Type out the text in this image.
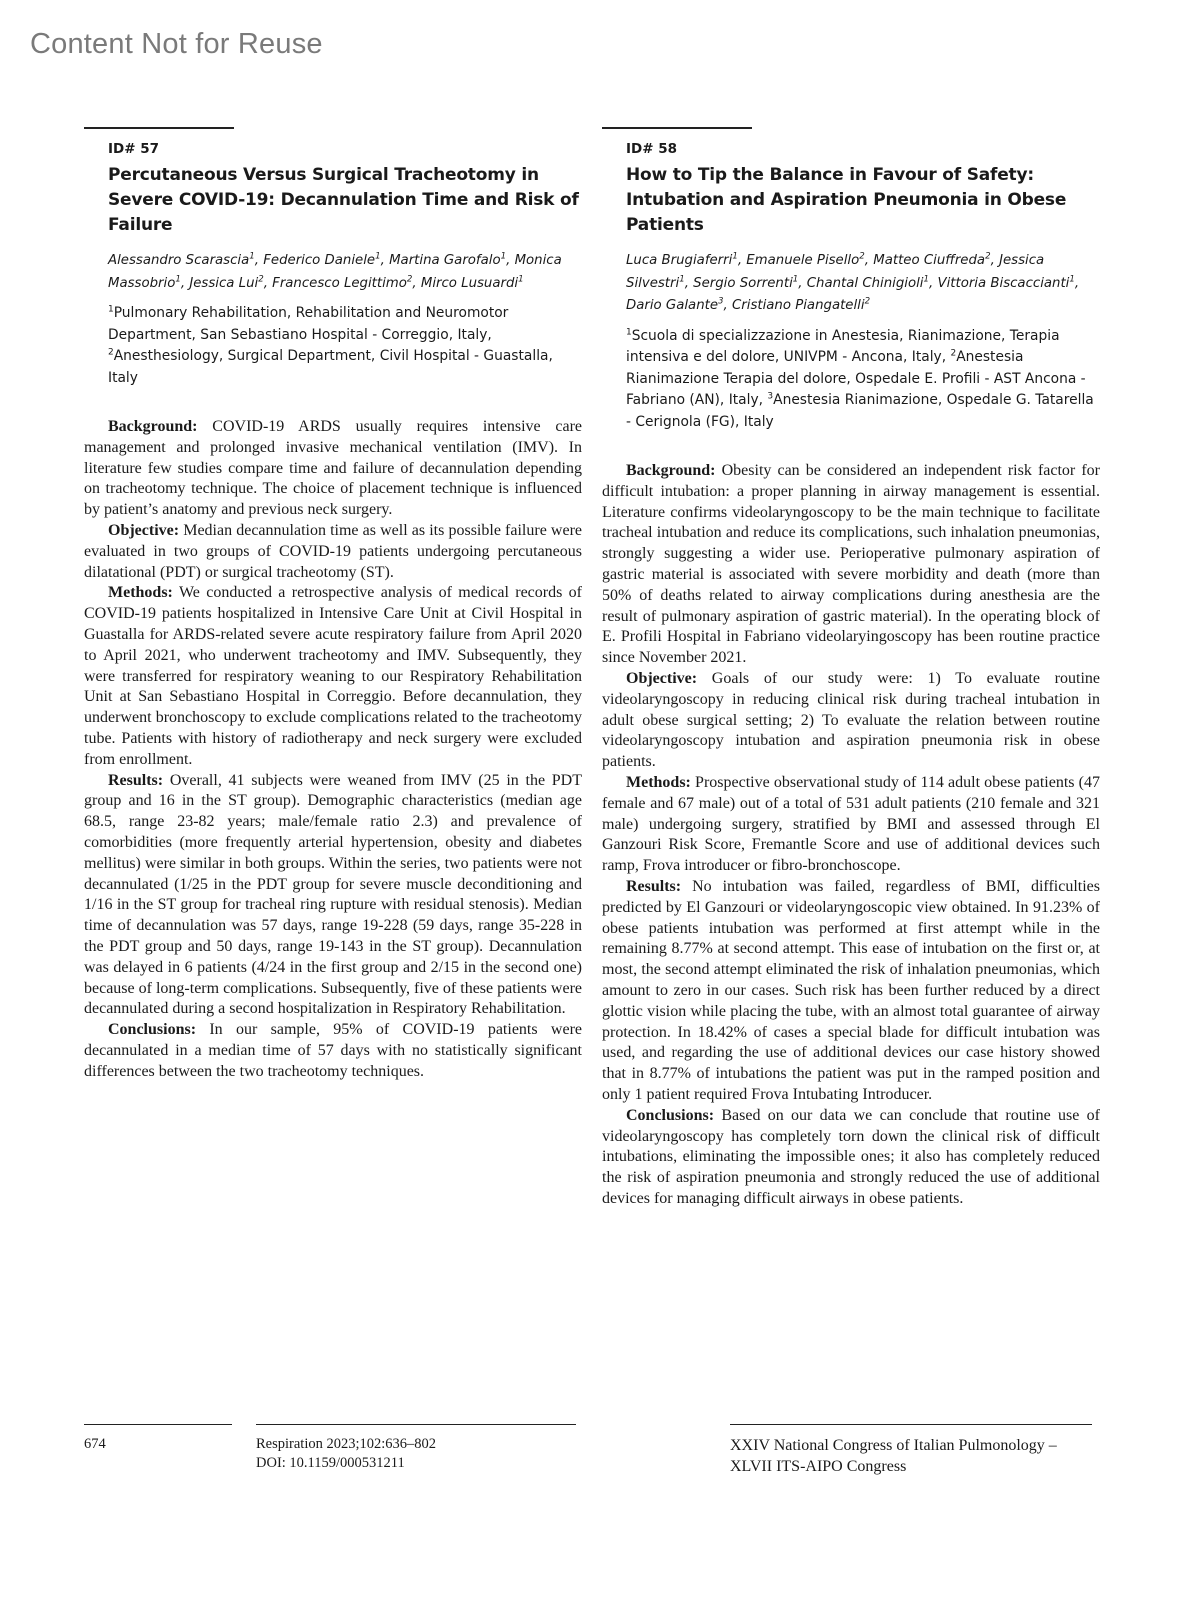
Content Not for Reuse
ID# 57
Percutaneous Versus Surgical Tracheotomy in Severe COVID-19: Decannulation Time and Risk of Failure
Alessandro Scarascia$^1$, Federico Daniele$^1$, Martina Garofalo$^1$, Monica Massobrio$^1$, Jessica Lui$^2$, Francesco Legittimo$^2$, Mirco Lusuardi$^1$
$^1$Pulmonary Rehabilitation, Rehabilitation and Neuromotor Department, San Sebastiano Hospital - Correggio, Italy, $^2$Anesthesiology, Surgical Department, Civil Hospital - Guastalla, Italy

Background: COVID-19 ARDS usually requires intensive care management and prolonged invasive mechanical ventilation (IMV). In literature few studies compare time and failure of decannulation depending on tracheotomy technique. The choice of placement technique is influenced by patient’s anatomy and previous neck surgery.

Objective: Median decannulation time as well as its possible failure were evaluated in two groups of COVID-19 patients undergoing percutaneous dilatational (PDT) or surgical tracheotomy (ST).

Methods: We conducted a retrospective analysis of medical records of COVID-19 patients hospitalized in Intensive Care Unit at Civil Hospital in Guastalla for ARDS-related severe acute respiratory failure from April 2020 to April 2021, who underwent tracheotomy and IMV. Subsequently, they were transferred for respiratory weaning to our Respiratory Rehabilitation Unit at San Sebastiano Hospital in Correggio. Before decannulation, they underwent bronchoscopy to exclude complications related to the tracheotomy tube. Patients with history of radiotherapy and neck surgery were excluded from enrollment.

Results: Overall, 41 subjects were weaned from IMV (25 in the PDT group and 16 in the ST group). Demographic characteristics (median age 68.5, range 23-82 years; male/female ratio 2.3) and prevalence of comorbidities (more frequently arterial hypertension, obesity and diabetes mellitus) were similar in both groups. Within the series, two patients were not decannulated (1/25 in the PDT group for severe muscle deconditioning and 1/16 in the ST group for tracheal ring rupture with residual stenosis). Median time of decannulation was 57 days, range 19-228 (59 days, range 35-228 in the PDT group and 50 days, range 19-143 in the ST group). Decannulation was delayed in 6 patients (4/24 in the first group and 2/15 in the second one) because of long-term complications. Subsequently, five of these patients were decannulated during a second hospitalization in Respiratory Rehabilitation.

Conclusions: In our sample, 95% of COVID-19 patients were decannulated in a median time of 57 days with no statistically significant differences between the two tracheotomy techniques.

ID# 58
How to Tip the Balance in Favour of Safety: Intubation and Aspiration Pneumonia in Obese Patients
Luca Brugiaferri$^1$, Emanuele Pisello$^2$, Matteo Ciuffreda$^2$, Jessica Silvestri$^1$, Sergio Sorrenti$^1$, Chantal Chinigioli$^1$, Vittoria Biscaccianti$^1$, Dario Galante$^3$, Cristiano Piangatelli$^2$
$^1$Scuola di specializzazione in Anestesia, Rianimazione, Terapia intensiva e del dolore, UNIVPM - Ancona, Italy, $^2$Anestesia Rianimazione Terapia del dolore, Ospedale E. Profili - AST Ancona - Fabriano (AN), Italy, $^3$Anestesia Rianimazione, Ospedale G. Tatarella - Cerignola (FG), Italy

Background: Obesity can be considered an independent risk factor for difficult intubation: a proper planning in airway management is essential. Literature confirms videolaryngoscopy to be the main technique to facilitate tracheal intubation and reduce its complications, such inhalation pneumonias, strongly suggesting a wider use. Perioperative pulmonary aspiration of gastric material is associated with severe morbidity and death (more than 50% of deaths related to airway complications during anesthesia are the result of pulmonary aspiration of gastric material). In the operating block of E. Profili Hospital in Fabriano videolaryingoscopy has been routine practice since November 2021.

Objective: Goals of our study were: 1) To evaluate routine videolaryngoscopy in reducing clinical risk during tracheal intubation in adult obese surgical setting; 2) To evaluate the relation between routine videolaryngoscopy intubation and aspiration pneumonia risk in obese patients.

Methods: Prospective observational study of 114 adult obese patients (47 female and 67 male) out of a total of 531 adult patients (210 female and 321 male) undergoing surgery, stratified by BMI and assessed through El Ganzouri Risk Score, Fremantle Score and use of additional devices such ramp, Frova introducer or fibro-bronchoscope.

Results: No intubation was failed, regardless of BMI, difficulties predicted by El Ganzouri or videolaryngoscopic view obtained. In 91.23% of obese patients intubation was performed at first attempt while in the remaining 8.77% at second attempt. This ease of intubation on the first or, at most, the second attempt eliminated the risk of inhalation pneumonias, which amount to zero in our cases. Such risk has been further reduced by a direct glottic vision while placing the tube, with an almost total guarantee of airway protection. In 18.42% of cases a special blade for difficult intubation was used, and regarding the use of additional devices our case history showed that in 8.77% of intubations the patient was put in the ramped position and only 1 patient required Frova Intubating Introducer.

Conclusions: Based on our data we can conclude that routine use of videolaryngoscopy has completely torn down the clinical risk of difficult intubations, eliminating the impossible ones; it also has completely reduced the risk of aspiration pneumonia and strongly reduced the use of additional devices for managing difficult airways in obese patients.

674	Respiration 2023;102:636–802
DOI: 10.1159/000531211
XXIV National Congress of Italian Pulmonology –
XLVII ITS-AIPO Congress
